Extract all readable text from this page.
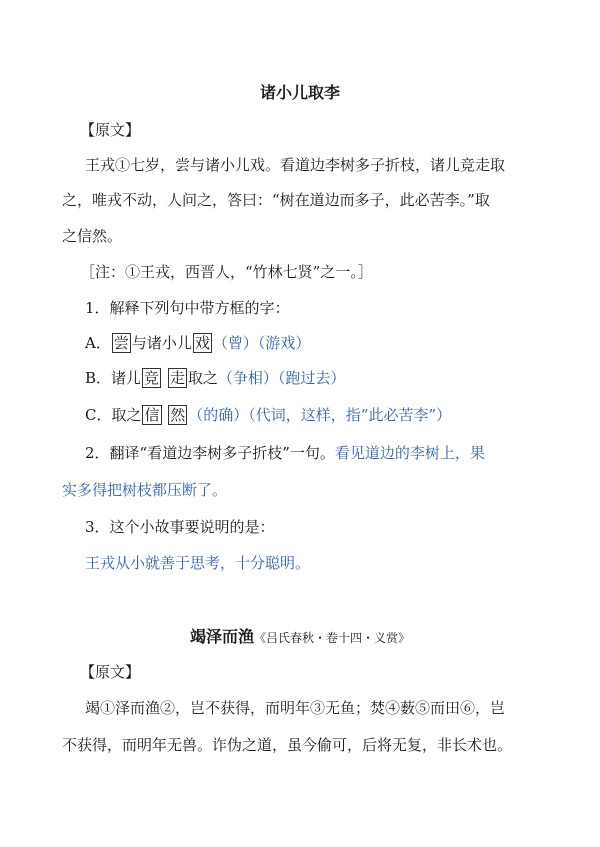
诸小儿取李
【原文】
王戎①七岁，尝与诸小儿戏。看道边李树多子折枝，诸儿竞走取
之，唯戎不动，人问之，答曰：“树在道边而多子，此必苦李。”取
之信然。
［注：①王戎，西晋人，“竹林七贤”之一。］
1．解释下列句中带方框的字：
A． 尝 与诸小儿 戏 （曾）（游戏）
B．诸儿 竞 走 取之（争相）（跑过去）
C．取之 信 然 （的确）（代词，这样，指“此必苦李”）
2．翻译“看道边李树多子折枝”一句。看见道边的李树上，果
实多得把树枝都压断了。
3．这个小故事要说明的是：
王戎从小就善于思考，十分聪明。
竭泽而渔《吕氏春秋・卷十四・义赏》
【原文】
竭①泽而渔②，岂不获得，而明年③无鱼；焚④薮⑤而田⑥，岂
不获得，而明年无兽。诈伪之道，虽今偷可，后将无复，非长术也。
